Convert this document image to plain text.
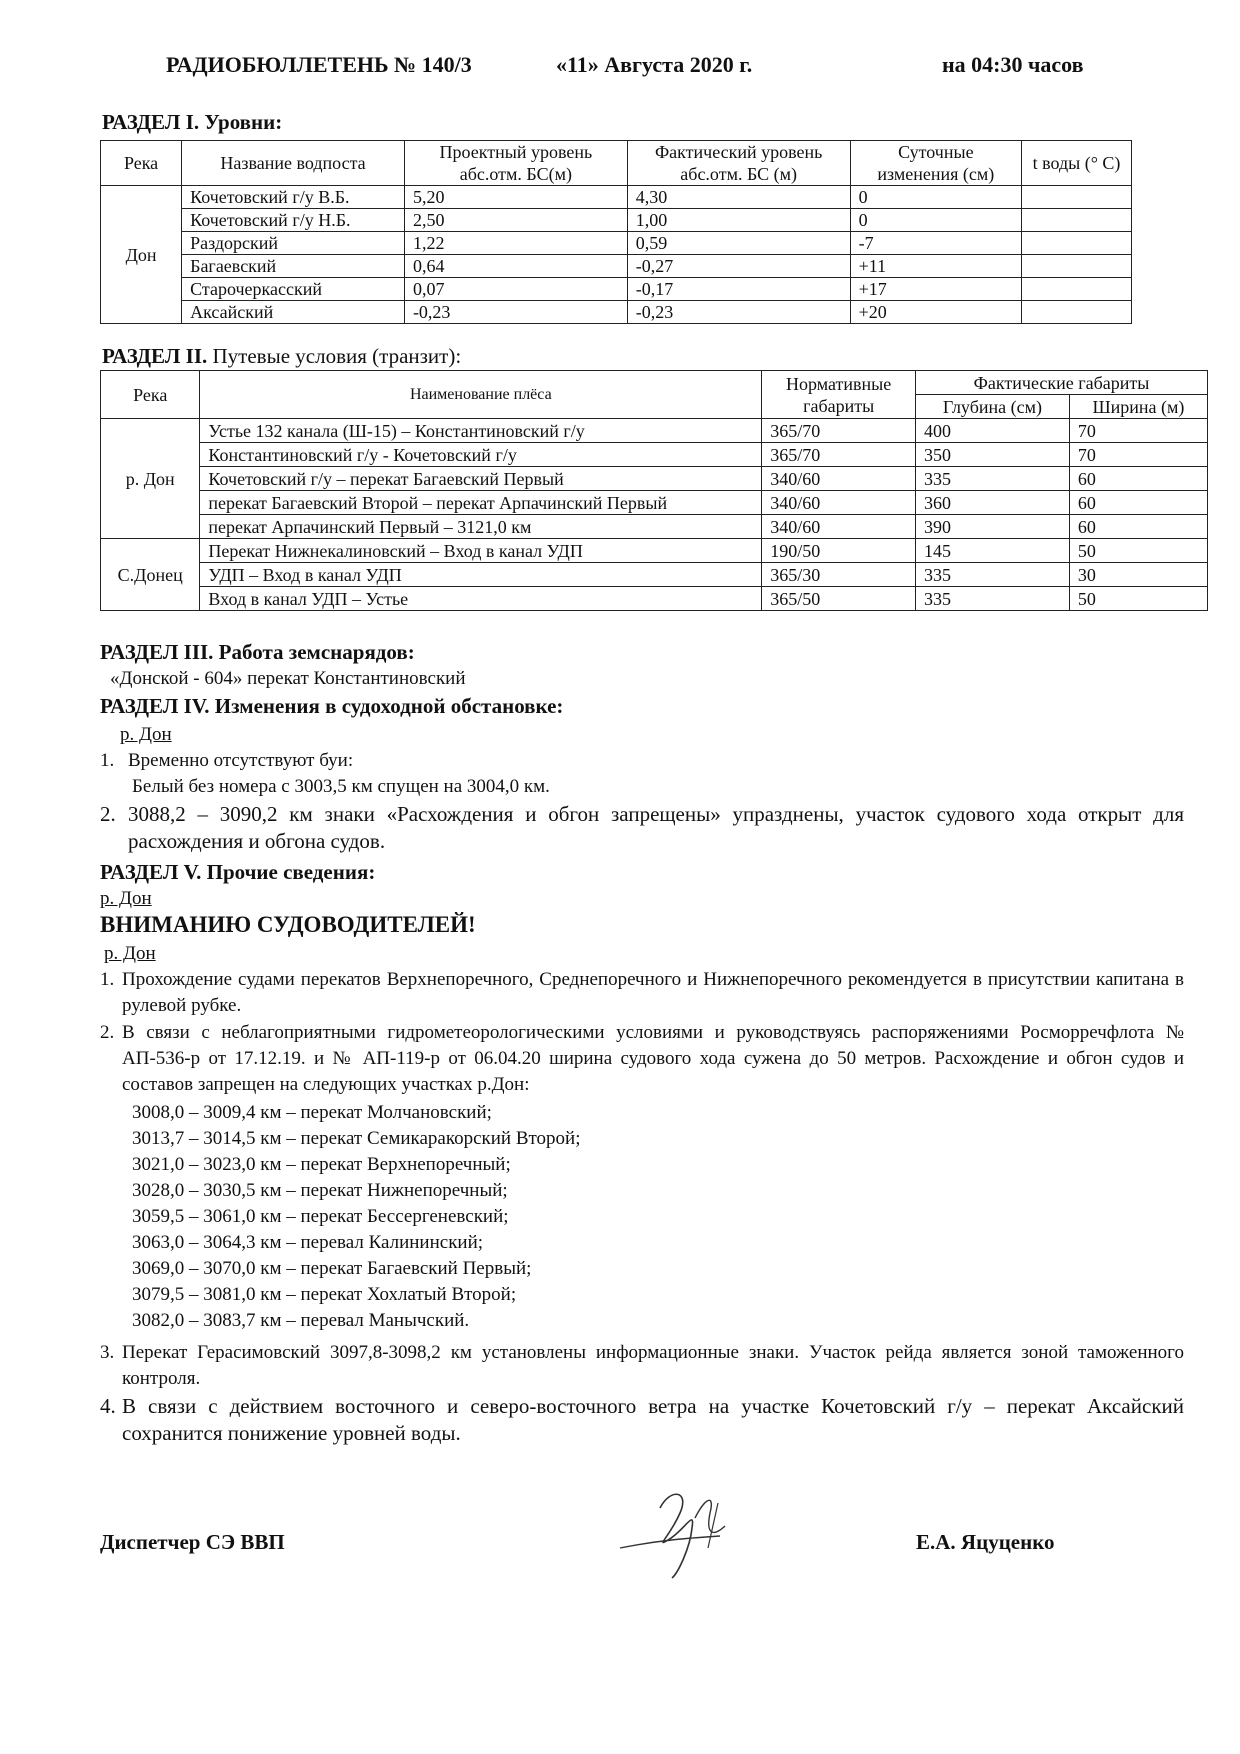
РАДИОБЮЛЛЕТЕНЬ № 140/3	«11» Августа 2020 г.	на 04:30 часов
РАЗДЕЛ I. Уровни:
Река	Название водпоста	Проектный уровень абс.отм. БС(м)	Фактический уровень абс.отм. БС (м)	Суточные изменения (см)	t воды (° С)
Дон	Кочетовский г/у В.Б.	5,20	4,30	0	
	Кочетовский г/у Н.Б.	2,50	1,00	0	
	Раздорский	1,22	0,59	-7	
	Багаевский	0,64	-0,27	+11	
	Старочеркасский	0,07	-0,17	+17	
	Аксайский	-0,23	-0,23	+20	
РАЗДЕЛ II. Путевые условия (транзит):
Река	Наименование плёса	Нормативные габариты	Фактические габариты	
			Глубина (см)	Ширина (м)
р. Дон	Устье 132 канала (Ш-15) – Константиновский г/у	365/70	400	70
	Константиновский г/у - Кочетовский г/у	365/70	350	70
	Кочетовский г/у – перекат Багаевский Первый	340/60	335	60
	перекат Багаевский Второй – перекат Арпачинский Первый	340/60	360	60
	перекат Арпачинский Первый – 3121,0 км	340/60	390	60
С.Донец	Перекат Нижнекалиновский – Вход в канал УДП	190/50	145	50
	УДП – Вход в канал УДП	365/30	335	30
	Вход в канал УДП – Устье	365/50	335	50
РАЗДЕЛ III. Работа земснарядов:
«Донской - 604» перекат Константиновский
РАЗДЕЛ IV. Изменения в судоходной обстановке:
р. Дон
1. Временно отсутствуют буи:
Белый без номера с 3003,5 км спущен на 3004,0 км.
2. 3088,2 – 3090,2 км знаки «Расхождения и обгон запрещены» упразднены, участок судового хода открыт для расхождения и обгона судов.
РАЗДЕЛ V. Прочие сведения:
р. Дон
ВНИМАНИЮ СУДОВОДИТЕЛЕЙ!
р. Дон
1. Прохождение судами перекатов Верхнепоречного, Среднепоречного и Нижнепоречного рекомендуется в присутствии капитана в рулевой рубке.
2. В связи с неблагоприятными гидрометеорологическими условиями и руководствуясь распоряжениями Росморречфлота № АП-536-р от 17.12.19. и № АП-119-р от 06.04.20 ширина судового хода сужена до 50 метров. Расхождение и обгон судов и составов запрещен на следующих участках р.Дон:
3008,0 – 3009,4 км – перекат Молчановский;
3013,7 – 3014,5 км – перекат Семикаракорский Второй;
3021,0 – 3023,0 км – перекат Верхнепоречный;
3028,0 – 3030,5 км – перекат Нижнепоречный;
3059,5 – 3061,0 км – перекат Бессергеневский;
3063,0 – 3064,3 км – перевал Калининский;
3069,0 – 3070,0 км – перекат Багаевский Первый;
3079,5 – 3081,0 км – перекат Хохлатый Второй;
3082,0 – 3083,7 км – перевал Манычский.
3. Перекат Герасимовский 3097,8-3098,2 км установлены информационные знаки. Участок рейда является зоной таможенного контроля.
4. В связи с действием восточного и северо-восточного ветра на участке Кочетовский г/у – перекат Аксайский сохранится понижение уровней воды.
Диспетчер СЭ ВВП	Е.А. Яцуценко
